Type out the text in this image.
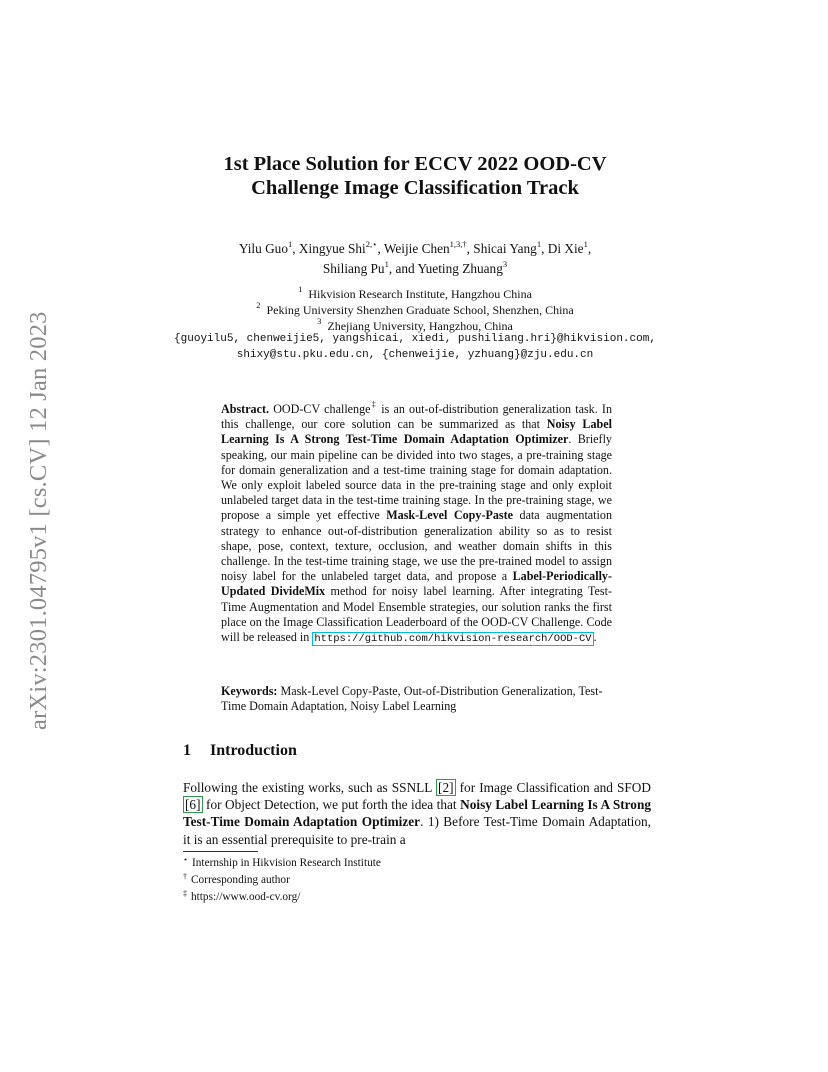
arXiv:2301.04795v1 [cs.CV] 12 Jan 2023
1st Place Solution for ECCV 2022 OOD-CV
Challenge Image Classification Track
Yilu Guo$^1$, Xingyue Shi$^{2,⋆}$, Weijie Chen$^{1,3,\dagger}$, Shicai Yang$^1$, Di Xie$^1$,
Shiliang Pu$^1$, and Yueting Zhuang$^3$
$^1$ Hikvision Research Institute, Hangzhou China
$^2$ Peking University Shenzhen Graduate School, Shenzhen, China
$^3$ Zhejiang University, Hangzhou, China
{guoyilu5, chenweijie5, yangshicai, xiedi, pushiliang.hri}@hikvision.com,
shixy@stu.pku.edu.cn, {chenweijie, yzhuang}@zju.edu.cn
Abstract. OOD-CV challenge‡ is an out-of-distribution generalization task. In this challenge, our core solution can be summarized as that Noisy Label Learning Is A Strong Test-Time Domain Adaptation Optimizer. Briefly speaking, our main pipeline can be divided into two stages, a pre-training stage for domain generalization and a test-time training stage for domain adaptation. We only exploit labeled source data in the pre-training stage and only exploit unlabeled target data in the test-time training stage. In the pre-training stage, we propose a simple yet effective Mask-Level Copy-Paste data augmentation strategy to enhance out-of-distribution generalization ability so as to resist shape, pose, context, texture, occlusion, and weather domain shifts in this challenge. In the test-time training stage, we use the pre-trained model to assign noisy label for the unlabeled target data, and propose a Label-Periodically-Updated DivideMix method for noisy label learning. After integrating Test-Time Augmentation and Model Ensemble strategies, our solution ranks the first place on the Image Classification Leaderboard of the OOD-CV Challenge. Code will be released in https://github.com/hikvision-research/OOD-CV .
Keywords: Mask-Level Copy-Paste, Out-of-Distribution Generalization, Test-Time Domain Adaptation, Noisy Label Learning
1 Introduction
Following the existing works, such as SSNLL [2] for Image Classification and SFOD [6] for Object Detection, we put forth the idea that Noisy Label Learning Is A Strong Test-Time Domain Adaptation Optimizer. 1) Before Test-Time Domain Adaptation, it is an essential prerequisite to pre-train a
⋆ Internship in Hikvision Research Institute
† Corresponding author
‡ https://www.ood-cv.org/
